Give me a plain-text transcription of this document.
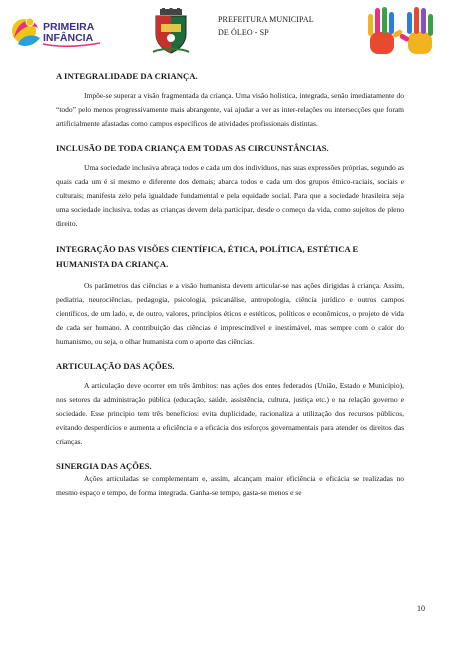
PRIMEIRA
INFÂNCIA
PREFEITURA MUNICIPAL
DE ÓLEO - SP
A INTEGRALIDADE DA CRIANÇA.

Impõe-se superar a visão fragmentada da criança. Uma visão holística, integrada, senão imediatamente do “todo” pelo menos progressivamente mais abrangente, vai ajudar a ver as inter-relações ou intersecções que foram artificialmente afastadas como campos específicos de atividades profissionais distintas.

INCLUSÃO DE TODA CRIANÇA EM TODAS AS CIRCUNSTÂNCIAS.

Uma sociedade inclusiva abraça todos e cada um dos indivíduos, nas suas expressões próprias, segundo as quais cada um é si mesmo e diferente dos demais; abarca todos e cada um dos grupos étnico-raciais, sociais e culturais; manifesta zelo pela igualdade fundamental e pela equidade social. Para que a sociedade brasileira seja uma sociedade inclusiva, todas as crianças devem dela participar, desde o começo da vida, como sujeitos de pleno direito.

INTEGRAÇÃO DAS VISÕES CIENTÍFICA, ÉTICA, POLÍTICA, ESTÉTICA E HUMANISTA DA CRIANÇA.

Os parâmetros das ciências e a visão humanista devem articular-se nas ações dirigidas à criança. Assim, pediatria, neurociências, pedagogia, psicologia, psicanálise, antropologia, ciência jurídico e outros campos científicos, de um lado, e, de outro, valores, princípios éticos e estéticos, políticos e econômicos, o projeto de vida de cada ser humano. A contribuição das ciências é imprescindível e inestimável, mas sempre com o calor do humanismo, ou seja, o olhar humanista com o aporte das ciências.

ARTICULAÇÃO DAS AÇÕES.

A articulação deve ocorrer em três âmbitos: nas ações dos entes federados (União, Estado e Município), nos setores da administração pública (educação, saúde, assistência, cultura, justiça etc.) e na relação governo e sociedade. Esse princípio tem três benefícios: evita duplicidade, racionaliza a utilização dos recursos públicos, evitando desperdícios e aumenta a eficiência e a eficácia dos esforços governamentais para atender os direitos das crianças.

SINERGIA DAS AÇÕES.

Ações articuladas se complementam e, assim, alcançam maior eficiência e eficácia se realizadas no mesmo espaço e tempo, de forma integrada. Ganha-se tempo, gasta-se menos e se

10
